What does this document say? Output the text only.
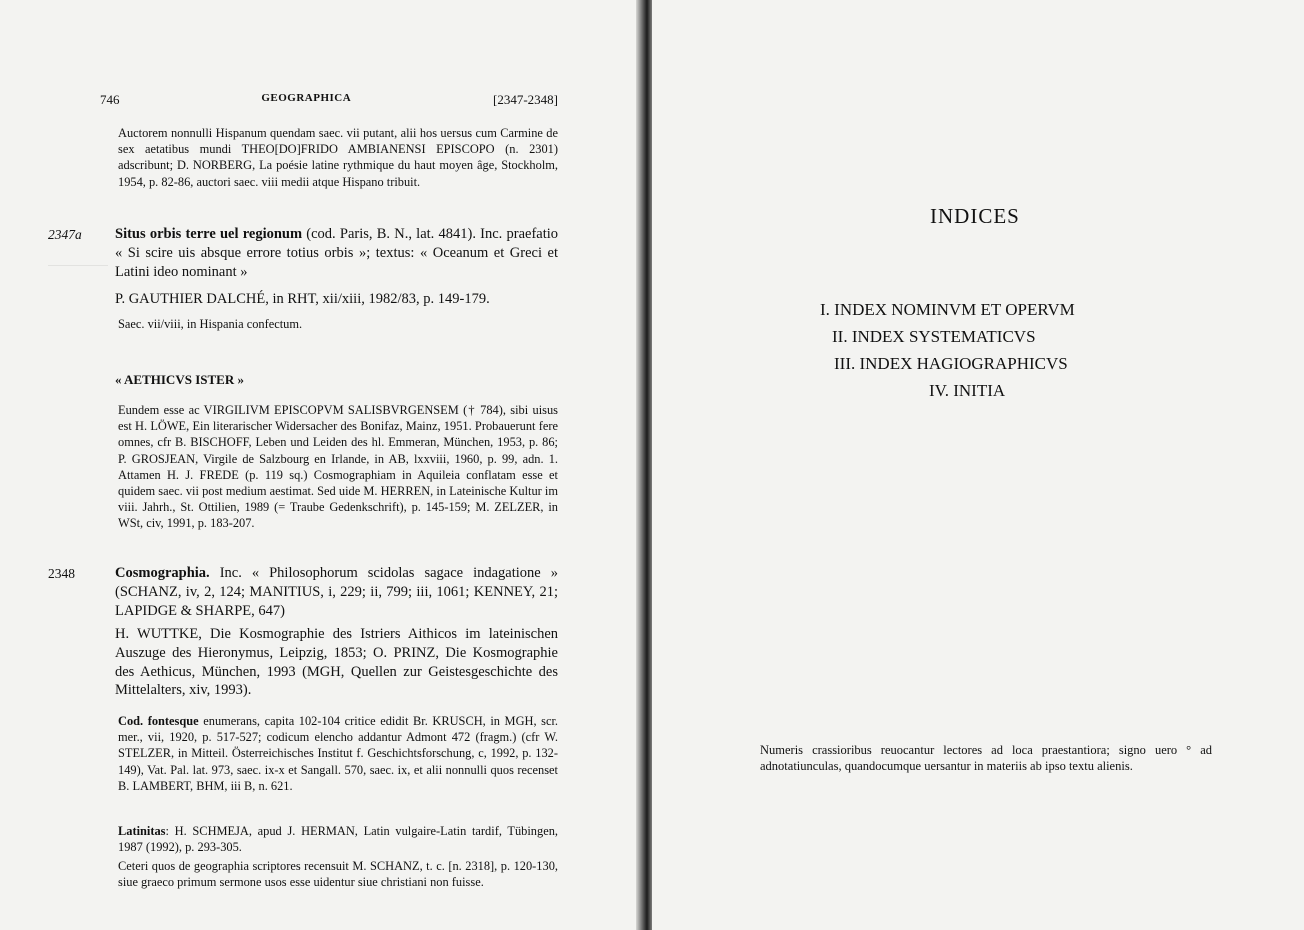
746	GEOGRAPHICA	[2347-2348]
Auctorem nonnulli Hispanum quendam saec. vii putant, alii hos uersus cum Carmine de sex aetatibus mundi THEO[DO]FRIDO AMBIANENSI EPISCOPO (n. 2301) adscribunt; D. NORBERG, La poésie latine rythmique du haut moyen âge, Stockholm, 1954, p. 82-86, auctori saec. viii medii atque Hispano tribuit.
2347a Situs orbis terre uel regionum (cod. Paris, B. N., lat. 4841). Inc. praefatio « Si scire uis absque errore totius orbis »; textus: « Oceanum et Greci et Latini ideo nominant »
P. GAUTHIER DALCHÉ, in RHT, xii/xiii, 1982/83, p. 149-179.
Saec. vii/viii, in Hispania confectum.
« AETHICVS ISTER »
Eundem esse ac VIRGILIVM EPISCOPVM SALISBVRGENSEM († 784), sibi uisus est H. LÖWE, Ein literarischer Widersacher des Bonifaz, Mainz, 1951. Probauerunt fere omnes, cfr B. BISCHOFF, Leben und Leiden des hl. Emmeran, München, 1953, p. 86; P. GROSJEAN, Virgile de Salzbourg en Irlande, in AB, lxxviii, 1960, p. 99, adn. 1. Attamen H. J. FREDE (p. 119 sq.) Cosmographiam in Aquileia conflatam esse et quidem saec. vii post medium aestimat. Sed uide M. HERREN, in Lateinische Kultur im viii. Jahrh., St. Ottilien, 1989 (= Traube Gedenkschrift), p. 145-159; M. ZELZER, in WSt, civ, 1991, p. 183-207.
2348	Cosmographia. Inc. « Philosophorum scidolas sagace indagatione » (SCHANZ, iv, 2, 124; MANITIUS, i, 229; ii, 799; iii, 1061; KENNEY, 21; LAPIDGE & SHARPE, 647)
H. WUTTKE, Die Kosmographie des Istriers Aithicos im lateinischen Auszuge des Hieronymus, Leipzig, 1853; O. PRINZ, Die Kosmographie des Aethicus, München, 1993 (MGH, Quellen zur Geistesgeschichte des Mittelalters, xiv, 1993).
Cod. fontesque enumerans, capita 102-104 critice edidit Br. KRUSCH, in MGH, scr. mer., vii, 1920, p. 517-527; codicum elencho addantur Admont 472 (fragm.) (cfr W. STELZER, in Mitteil. Österreichisches Institut f. Geschichtsforschung, c, 1992, p. 132-149), Vat. Pal. lat. 973, saec. ix-x et Sangall. 570, saec. ix, et alii nonnulli quos recenset B. LAMBERT, BHM, iii B, n. 621.
Latinitas: H. SCHMEJA, apud J. HERMAN, Latin vulgaire-Latin tardif, Tübingen, 1987 (1992), p. 293-305.
Ceteri quos de geographia scriptores recensuit M. SCHANZ, t. c. [n. 2318], p. 120-130, siue graeco primum sermone usos esse uidentur siue christiani non fuisse.
INDICES
I. INDEX NOMINVM ET OPERVM
II. INDEX SYSTEMATICVS
III. INDEX HAGIOGRAPHICVS
IV. INITIA
Numeris crassioribus reuocantur lectores ad loca praestantiora; signo uero ° ad adnotatiunculas, quandocumque uersantur in materiis ab ipso textu alienis.
